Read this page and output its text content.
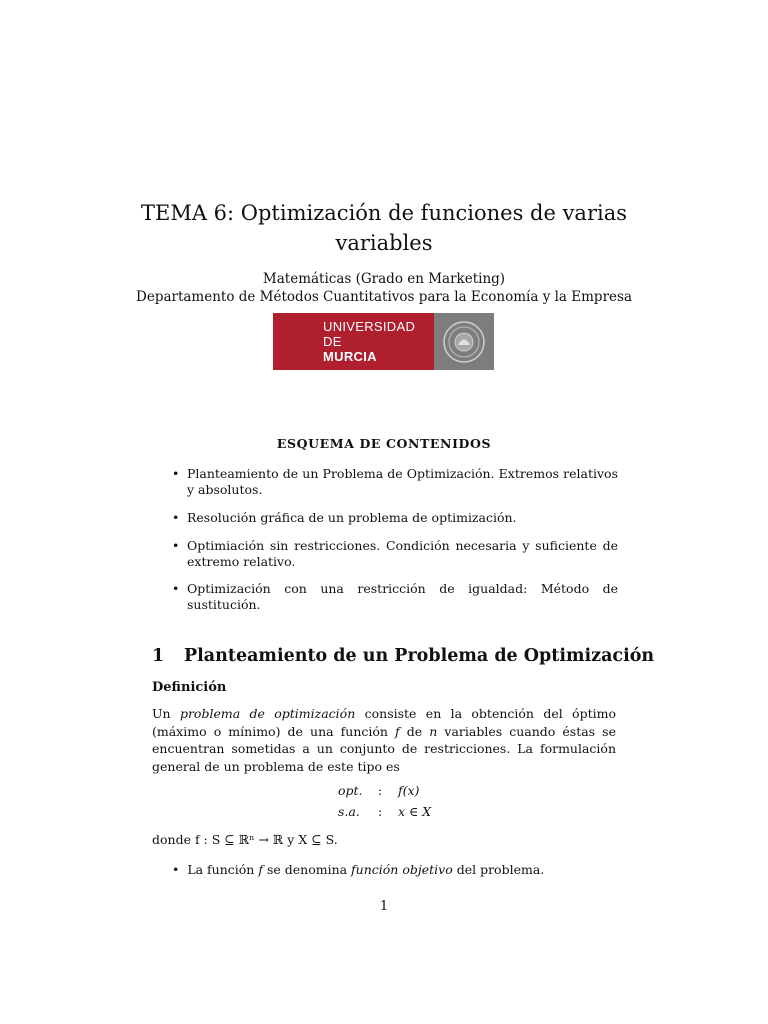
TEMA 6: Optimización de funciones de varias variables
Matemáticas (Grado en Marketing)
Departamento de Métodos Cuantitativos para la Economía y la Empresa
UNIVERSIDAD DE
MURCIA
ESQUEMA DE CONTENIDOS
• Planteamiento de un Problema de Optimización. Extremos relativos y absolutos.
• Resolución gráfica de un problema de optimización.
• Optimiación sin restricciones. Condición necesaria y suficiente de extremo relativo.
• Optimización con una restricción de igualdad: Método de sustitución.
1 Planteamiento de un Problema de Optimización
Definición
Un problema de optimización consiste en la obtención del óptimo (máximo o mínimo) de una función f de n variables cuando éstas se encuentran sometidas a un conjunto de restricciones. La formulación general de un problema de este tipo es
opt. : f(x)
s.a. : x ∈ X
donde f : S ⊆ ℝⁿ → ℝ y X ⊆ S.
• La función f se denomina función objetivo del problema.
1
